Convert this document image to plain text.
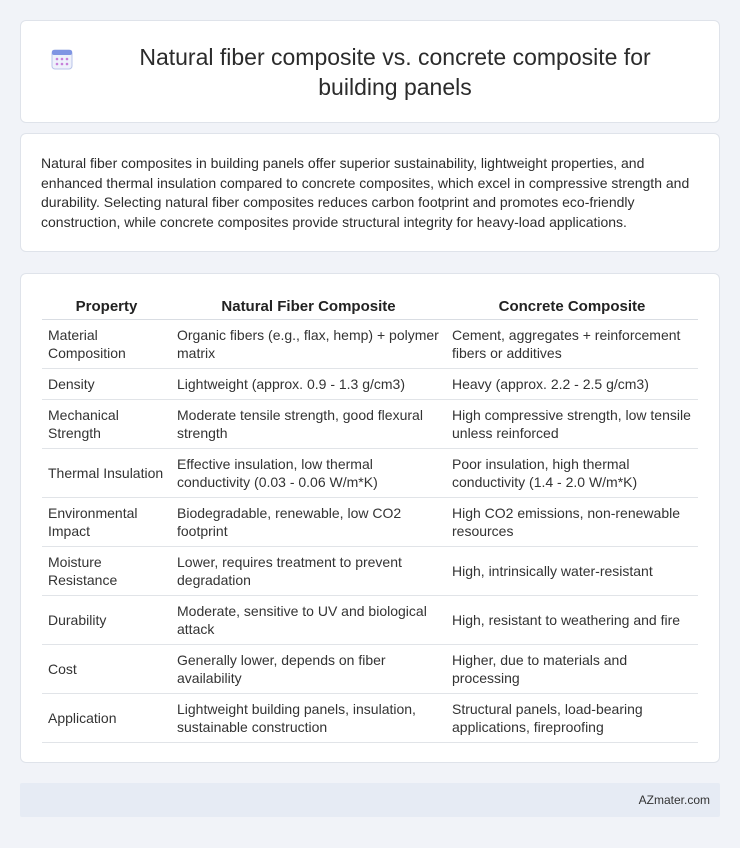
Natural fiber composite vs. concrete composite for building panels

Natural fiber composites in building panels offer superior sustainability, lightweight properties, and enhanced thermal insulation compared to concrete composites, which excel in compressive strength and durability. Selecting natural fiber composites reduces carbon footprint and promotes eco-friendly construction, while concrete composites provide structural integrity for heavy-load applications.

Property	Natural Fiber Composite	Concrete Composite
Material Composition	Organic fibers (e.g., flax, hemp) + polymer matrix	Cement, aggregates + reinforcement fibers or additives
Density	Lightweight (approx. 0.9 - 1.3 g/cm3)	Heavy (approx. 2.2 - 2.5 g/cm3)
Mechanical Strength	Moderate tensile strength, good flexural strength	High compressive strength, low tensile unless reinforced
Thermal Insulation	Effective insulation, low thermal conductivity (0.03 - 0.06 W/m*K)	Poor insulation, high thermal conductivity (1.4 - 2.0 W/m*K)
Environmental Impact	Biodegradable, renewable, low CO2 footprint	High CO2 emissions, non-renewable resources
Moisture Resistance	Lower, requires treatment to prevent degradation	High, intrinsically water-resistant
Durability	Moderate, sensitive to UV and biological attack	High, resistant to weathering and fire
Cost	Generally lower, depends on fiber availability	Higher, due to materials and processing
Application	Lightweight building panels, insulation, sustainable construction	Structural panels, load-bearing applications, fireproofing
AZmater.com
